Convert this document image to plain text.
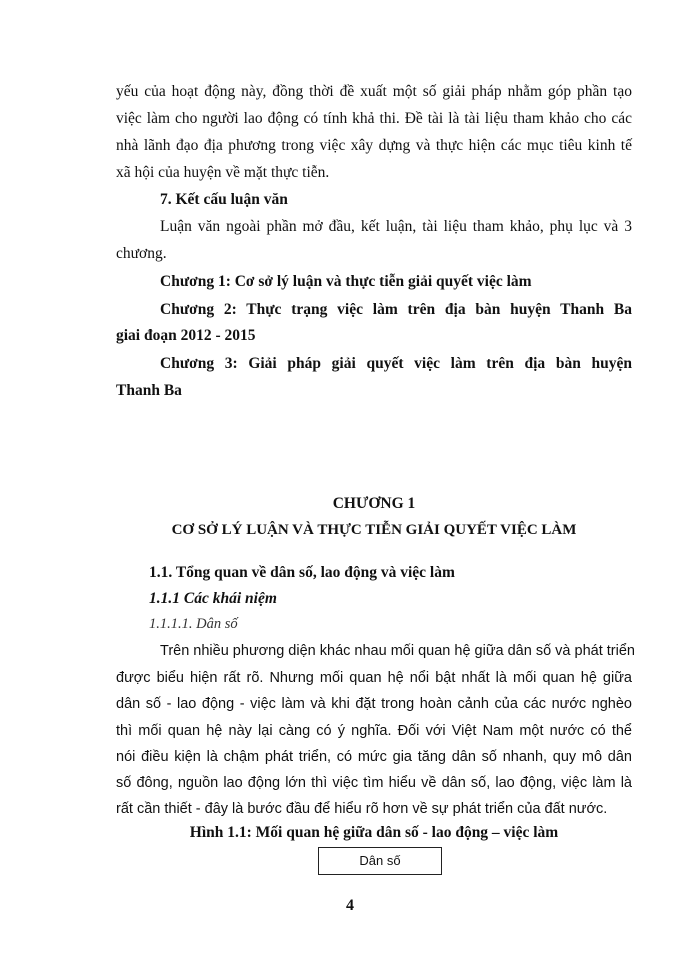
yếu của hoạt động này, đồng thời đề xuất một số giải pháp nhằm góp phần tạo
việc làm cho người lao động có tính khả thi. Đề tài là tài liệu tham khảo cho các
nhà lãnh đạo địa phương trong việc xây dựng và thực hiện các mục tiêu kinh tế
xã hội của huyện về mặt thực tiễn.
7. Kết cấu luận văn
Luận văn ngoài phần mở đầu, kết luận, tài liệu tham khảo, phụ lục và 3
chương.
Chương 1: Cơ sở lý luận và thực tiễn giải quyết việc làm
Chương 2: Thực trạng việc làm trên địa bàn huyện Thanh Ba
giai đoạn 2012 - 2015
Chương 3: Giải pháp giải quyết việc làm trên địa bàn huyện
Thanh Ba
CHƯƠNG 1
CƠ SỞ LÝ LUẬN VÀ THỰC TIỄN GIẢI QUYẾT VIỆC LÀM
1.1. Tổng quan về dân số, lao động và việc làm
1.1.1 Các khái niệm
1.1.1.1. Dân số
Trên nhiều phương diện khác nhau mối quan hệ giữa dân số và phát triển
được biểu hiện rất rõ. Nhưng mối quan hệ nổi bật nhất là mối quan hệ giữa
dân số - lao động - việc làm và khi đặt trong hoàn cảnh của các nước nghèo
thì mối quan hệ này lại càng có ý nghĩa. Đối với Việt Nam một nước có thể
nói điều kiện là chậm phát triển, có mức gia tăng dân số nhanh, quy mô dân
số đông, nguồn lao động lớn thì việc tìm hiểu về dân số, lao động, việc làm là
rất cần thiết - đây là bước đầu để hiểu rõ hơn về sự phát triển của đất nước.
Hình 1.1: Mối quan hệ giữa dân số - lao động – việc làm
Dân số
4
